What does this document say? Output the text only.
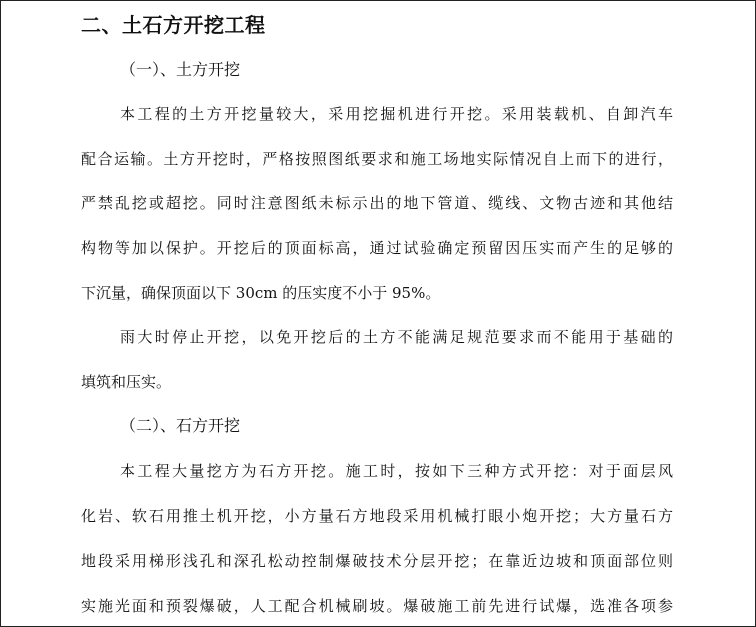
二、土石方开挖工程
（一）、土方开挖
本工程的土方开挖量较大，采用挖掘机进行开挖。采用装载机、自卸汽车
配合运输。土方开挖时，严格按照图纸要求和施工场地实际情况自上而下的进行，
严禁乱挖或超挖。同时注意图纸未标示出的地下管道、缆线、文物古迹和其他结
构物等加以保护。开挖后的顶面标高，通过试验确定预留因压实而产生的足够的
下沉量，确保顶面以下 30cm 的压实度不小于 95%。
雨大时停止开挖，以免开挖后的土方不能满足规范要求而不能用于基础的
填筑和压实。
（二）、石方开挖
本工程大量挖方为石方开挖。施工时，按如下三种方式开挖：对于面层风
化岩、软石用推土机开挖，小方量石方地段采用机械打眼小炮开挖；大方量石方
地段采用梯形浅孔和深孔松动控制爆破技术分层开挖；在靠近边坡和顶面部位则
实施光面和预裂爆破，人工配合机械刷坡。爆破施工前先进行试爆，选准各项参
